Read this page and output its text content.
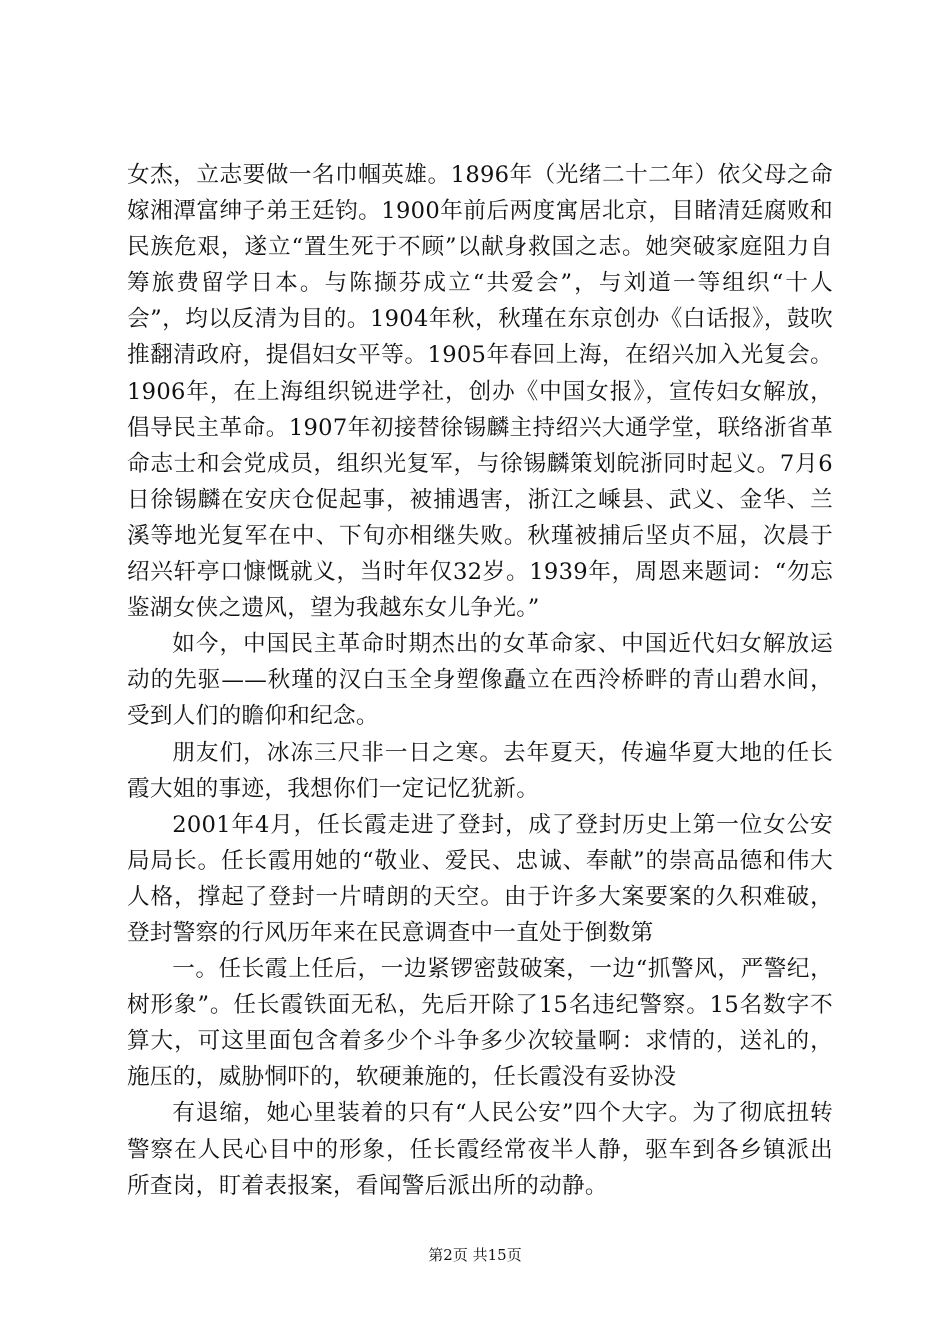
女杰，立志要做一名巾帼英雄。1896年（光绪二十二年）依父母之命嫁湘潭富绅子弟王廷钧。1900年前后两度寓居北京，目睹清廷腐败和民族危艰，遂立“置生死于不顾”以献身救国之志。她突破家庭阻力自筹旅费留学日本。与陈撷芬成立“共爱会”，与刘道一等组织“十人会”，均以反清为目的。1904年秋，秋瑾在东京创办《白话报》，鼓吹推翻清政府，提倡妇女平等。1905年春回上海，在绍兴加入光复会。1906年，在上海组织锐进学社，创办《中国女报》，宣传妇女解放，倡导民主革命。1907年初接替徐锡麟主持绍兴大通学堂，联络浙省革命志士和会党成员，组织光复军，与徐锡麟策划皖浙同时起义。7月6日徐锡麟在安庆仓促起事，被捕遇害，浙江之嵊县、武义、金华、兰溪等地光复军在中、下旬亦相继失败。秋瑾被捕后坚贞不屈，次晨于绍兴轩亭口慷慨就义，当时年仅32岁。1939年，周恩来题词：“勿忘鉴湖女侠之遗风，望为我越东女儿争光。”

如今，中国民主革命时期杰出的女革命家、中国近代妇女解放运动的先驱——秋瑾的汉白玉全身塑像矗立在西泠桥畔的青山碧水间，受到人们的瞻仰和纪念。

朋友们，冰冻三尺非一日之寒。去年夏天，传遍华夏大地的任长霞大姐的事迹，我想你们一定记忆犹新。

2001年4月，任长霞走进了登封，成了登封历史上第一位女公安局局长。任长霞用她的“敬业、爱民、忠诚、奉献”的崇高品德和伟大人格，撑起了登封一片晴朗的天空。由于许多大案要案的久积难破，登封警察的行风历年来在民意调查中一直处于倒数第

一。任长霞上任后，一边紧锣密鼓破案，一边“抓警风，严警纪，树形象”。任长霞铁面无私，先后开除了15名违纪警察。15名数字不算大，可这里面包含着多少个斗争多少次较量啊：求情的，送礼的，施压的，威胁恫吓的，软硬兼施的，任长霞没有妥协没

有退缩，她心里装着的只有“人民公安”四个大字。为了彻底扭转警察在人民心目中的形象，任长霞经常夜半人静，驱车到各乡镇派出所查岗，盯着表报案，看闻警后派出所的动静。

第2页 共15页
